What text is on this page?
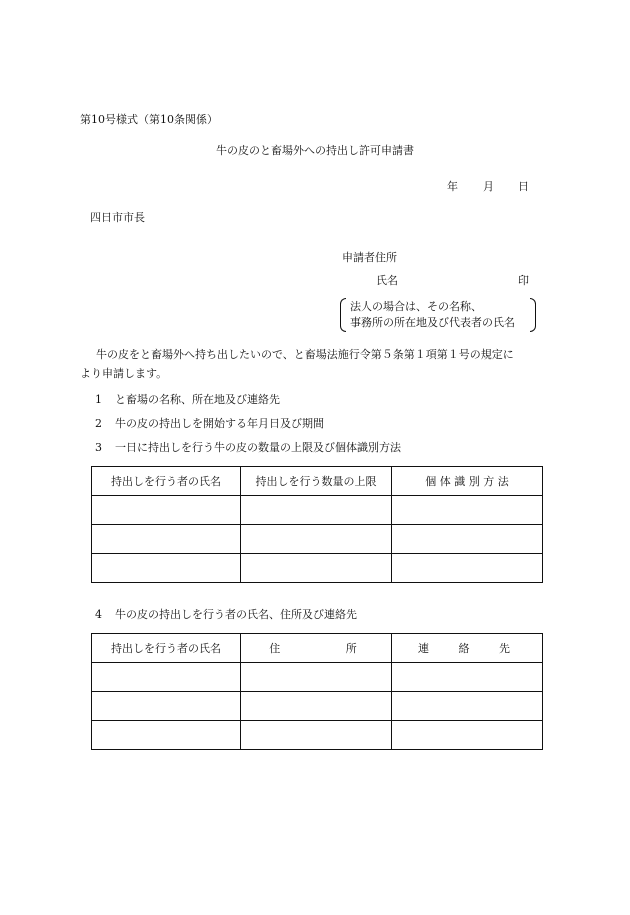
第10号様式（第10条関係）
牛の皮のと畜場外への持出し許可申請書
年 月 日
四日市市長
申請者住所
氏名	印
法人の場合は、その名称、
事務所の所在地及び代表者の氏名
牛の皮をと畜場外へ持ち出したいので、と畜場法施行令第５条第１項第１号の規定に
より申請します。
1 と畜場の名称、所在地及び連絡先
2 牛の皮の持出しを開始する年月日及び期間
3 一日に持出しを行う牛の皮の数量の上限及び個体識別方法
持出しを行う者の氏名	持出しを行う数量の上限	個 体 識 別 方 法

4 牛の皮の持出しを行う者の氏名、住所及び連絡先
持出しを行う者の氏名	住 所	連 絡 先
